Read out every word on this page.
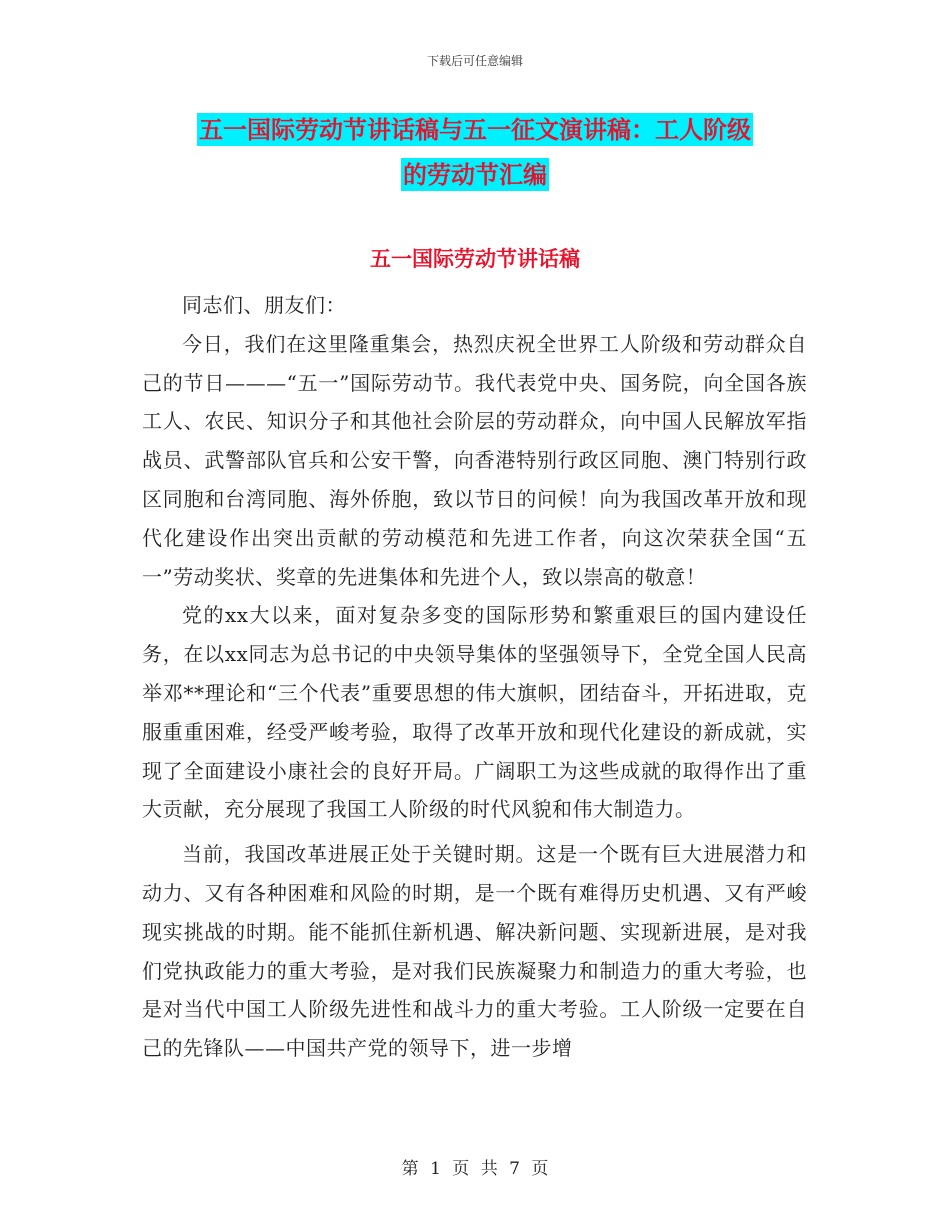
下载后可任意编辑
五一国际劳动节讲话稿与五一征文演讲稿：工人阶级
的劳动节汇编
五一国际劳动节讲话稿

同志们、朋友们：

今日，我们在这里隆重集会，热烈庆祝全世界工人阶级和劳动群众自己的节日———“五一”国际劳动节。我代表党中央、国务院，向全国各族工人、农民、知识分子和其他社会阶层的劳动群众，向中国人民解放军指战员、武警部队官兵和公安干警，向香港特别行政区同胞、澳门特别行政区同胞和台湾同胞、海外侨胞，致以节日的问候！向为我国改革开放和现代化建设作出突出贡献的劳动模范和先进工作者，向这次荣获全国“五一”劳动奖状、奖章的先进集体和先进个人，致以崇高的敬意！

党的xx大以来，面对复杂多变的国际形势和繁重艰巨的国内建设任务，在以xx同志为总书记的中央领导集体的坚强领导下，全党全国人民高举邓**理论和“三个代表”重要思想的伟大旗帜，团结奋斗，开拓进取，克服重重困难，经受严峻考验，取得了改革开放和现代化建设的新成就，实现了全面建设小康社会的良好开局。广阔职工为这些成就的取得作出了重大贡献，充分展现了我国工人阶级的时代风貌和伟大制造力。

当前，我国改革进展正处于关键时期。这是一个既有巨大进展潜力和动力、又有各种困难和风险的时期，是一个既有难得历史机遇、又有严峻现实挑战的时期。能不能抓住新机遇、解决新问题、实现新进展，是对我们党执政能力的重大考验，是对我们民族凝聚力和制造力的重大考验，也是对当代中国工人阶级先进性和战斗力的重大考验。工人阶级一定要在自己的先锋队——中国共产党的领导下，进一步增

第 1 页 共 7 页
